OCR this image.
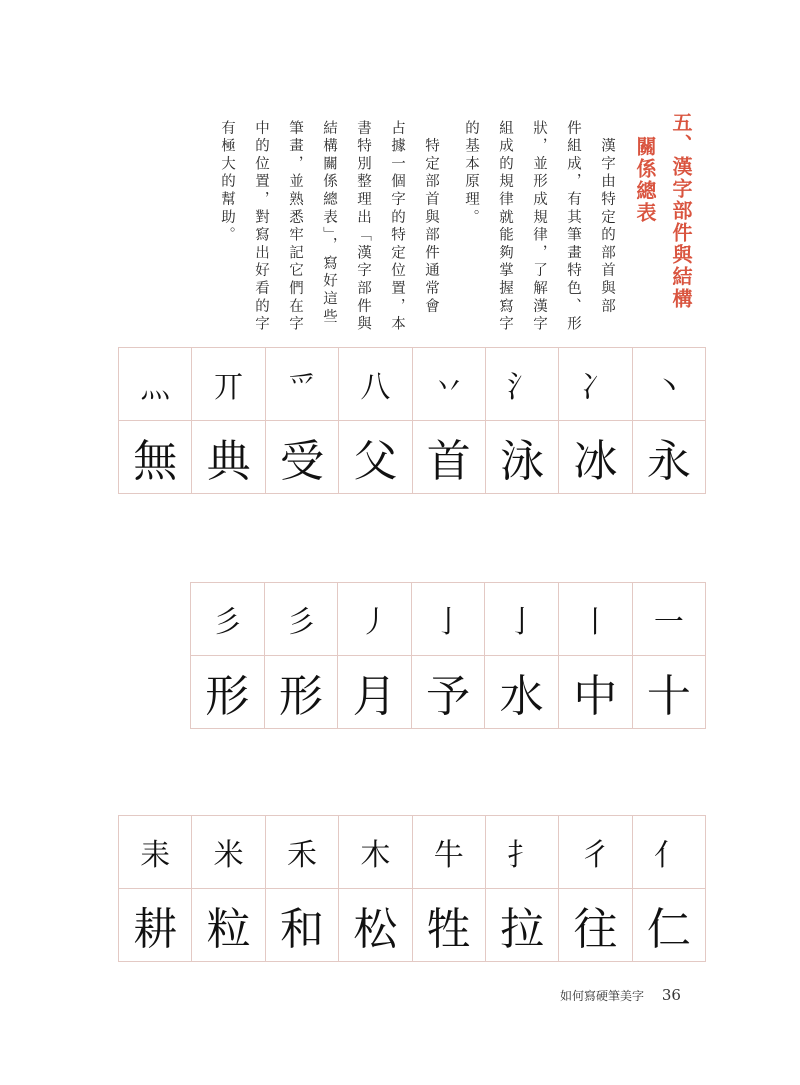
五、漢字部件與結構
關係總表
　漢字由特定的部首與部
件組成，有其筆畫特色、形
狀，並形成規律，了解漢字
組成的規律就能夠掌握寫字
的基本原理。
　特定部首與部件通常會
占據一個字的特定位置，本
書特別整理出「漢字部件與
結構關係總表」，寫好這些
筆畫，並熟悉牢記它們在字
中的位置，對寫出好看的字
有極大的幫助。
灬	丌	爫	八	丷	氵	冫	丶
無 典 受 父 首 泳 冰 永
彡	彡	丿	亅	亅	丨	一
形 形 月 予 水 中 十
耒	米	禾	木	牛	扌	彳	亻
耕 粒 和 松 牲 拉 往 仁
如何寫硬筆美字 36
